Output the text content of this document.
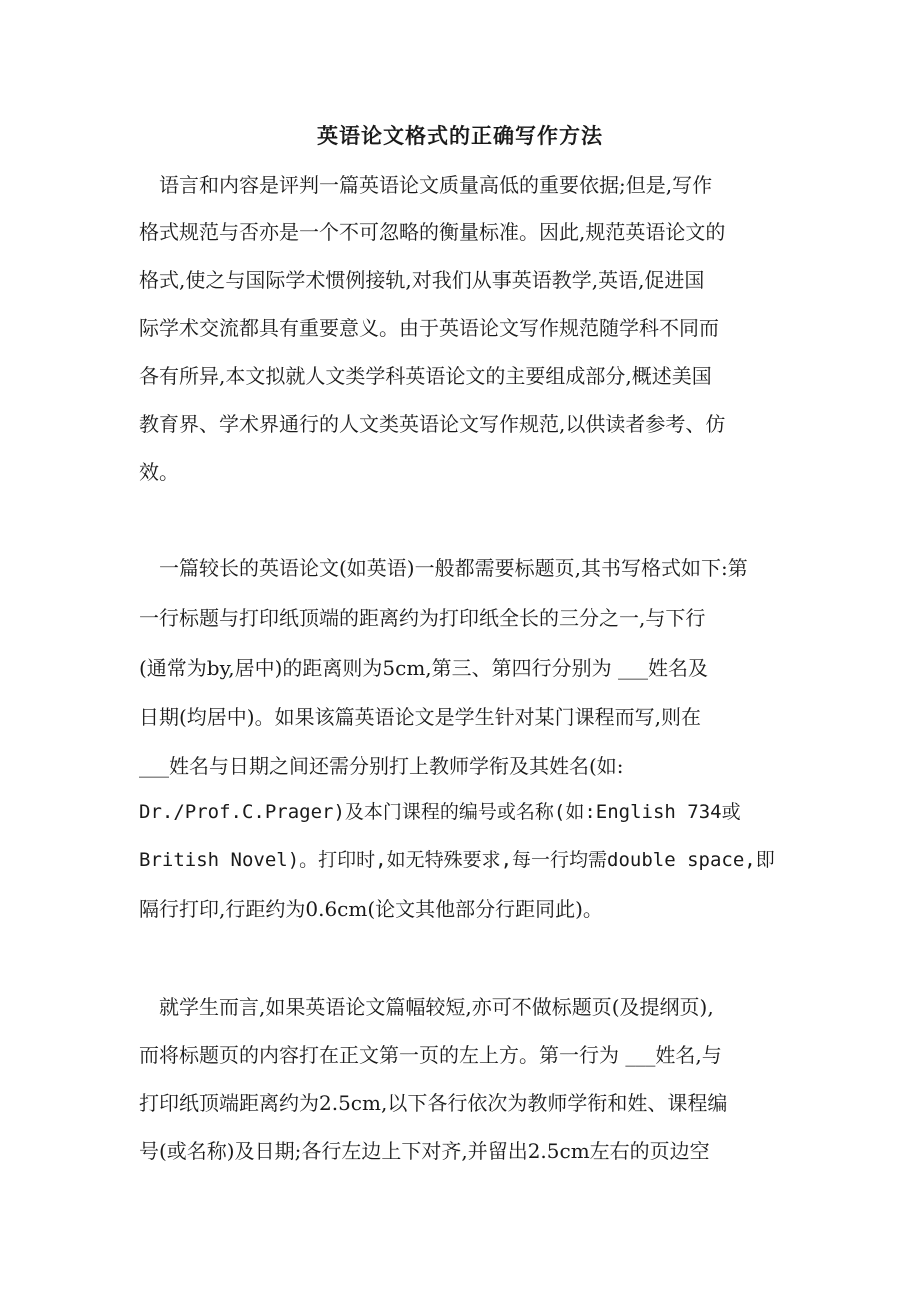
英语论文格式的正确写作方法

　语言和内容是评判一篇英语论文质量高低的重要依据;但是,写作

格式规范与否亦是一个不可忽略的衡量标准。因此,规范英语论文的

格式,使之与国际学术惯例接轨,对我们从事英语教学,英语,促进国

际学术交流都具有重要意义。由于英语论文写作规范随学科不同而

各有所异,本文拟就人文类学科英语论文的主要组成部分,概述美国

教育界、学术界通行的人文类英语论文写作规范,以供读者参考、仿

效。

　一篇较长的英语论文(如英语)一般都需要标题页,其书写格式如下:第

一行标题与打印纸顶端的距离约为打印纸全长的三分之一,与下行

(通常为by,居中)的距离则为5cm,第三、第四行分别为 ___姓名及

日期(均居中)。如果该篇英语论文是学生针对某门课程而写,则在

___姓名与日期之间还需分别打上教师学衔及其姓名(如:

Dr./Prof.C.Prager)及本门课程的编号或名称(如:English 734或

British Novel)。打印时,如无特殊要求,每一行均需double space,即

隔行打印,行距约为0.6cm(论文其他部分行距同此)。

　就学生而言,如果英语论文篇幅较短,亦可不做标题页(及提纲页),

而将标题页的内容打在正文第一页的左上方。第一行为 ___姓名,与

打印纸顶端距离约为2.5cm,以下各行依次为教师学衔和姓、课程编

号(或名称)及日期;各行左边上下对齐,并留出2.5cm左右的页边空
